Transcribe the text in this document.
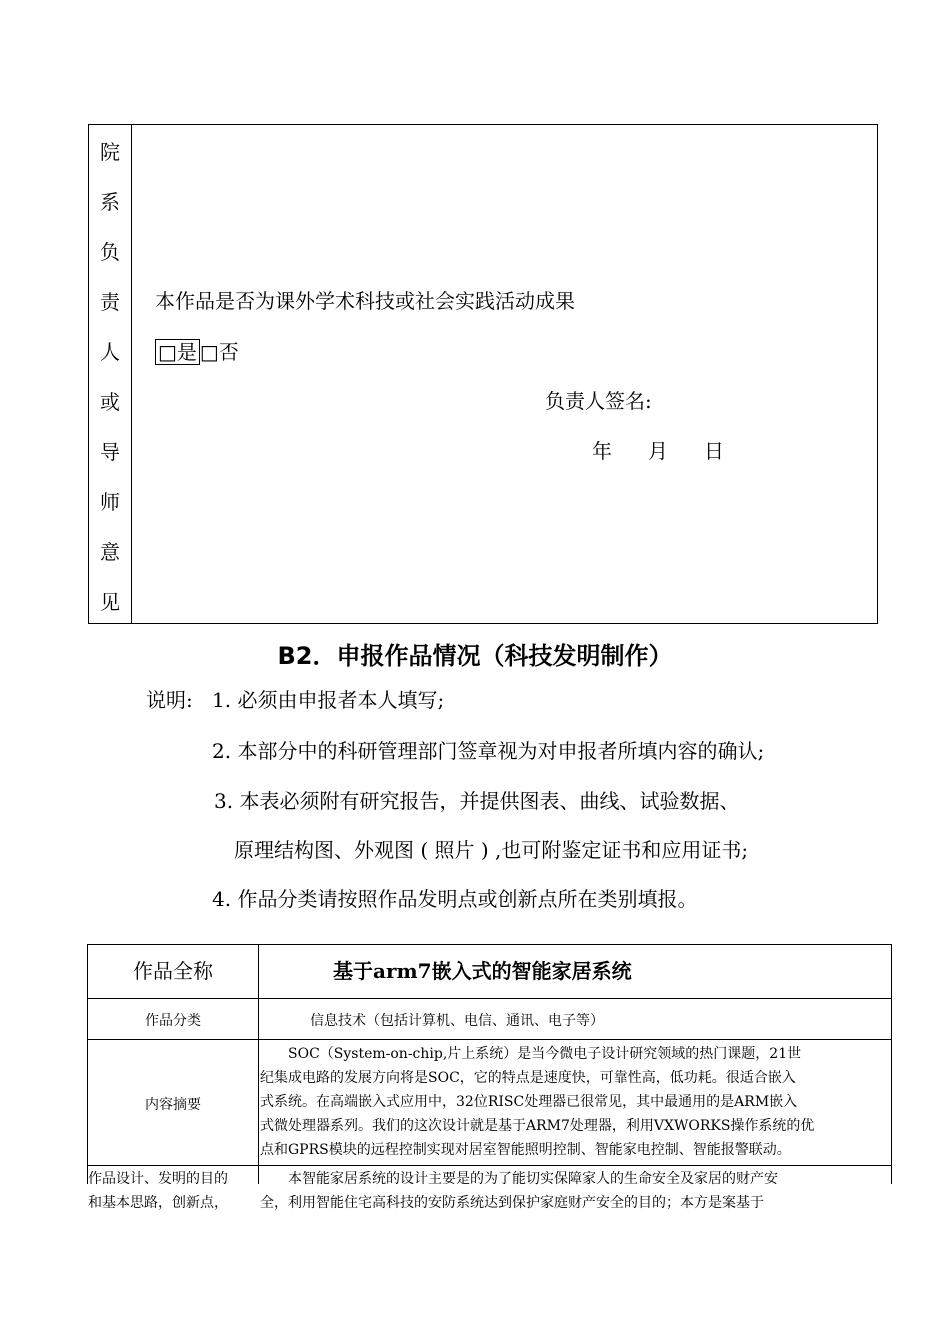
院
系
负
责
人
或
导
师
意
见
本作品是否为课外学术科技或社会实践活动成果
□是 □否
负责人签名:
年 月 日
B2．申报作品情况（科技发明制作）
说明: 1. 必须由申报者本人填写;
2. 本部分中的科研管理部门签章视为对申报者所填内容的确认;
3. 本表必须附有研究报告，并提供图表、曲线、试验数据、
原理结构图、外观图 ( 照片 ) ,也可附鉴定证书和应用证书;
4. 作品分类请按照作品发明点或创新点所在类别填报。
作品全称	基于arm7嵌入式的智能家居系统
作品分类	信息技术（包括计算机、电信、通讯、电子等）
内容摘要
SOC（System-on-chip,片上系统）是当今微电子设计研究领域的热门课题，21世
纪集成电路的发展方向将是SOC，它的特点是速度快，可靠性高，低功耗。很适合嵌入
式系统。在高端嵌入式应用中，32位RISC处理器已很常见，其中最通用的是ARM嵌入
式微处理器系列。我们的这次设计就是基于ARM7处理器，利用VXWORKS操作系统的优
点和GPRS模块的远程控制实现对居室智能照明控制、智能家电控制、智能报警联动。
作品设计、发明的目的
和基本思路，创新点，
本智能家居系统的设计主要是的为了能切实保障家人的生命安全及家居的财产安
全，利用智能住宅高科技的安防系统达到保护家庭财产安全的目的；本方是案基于
